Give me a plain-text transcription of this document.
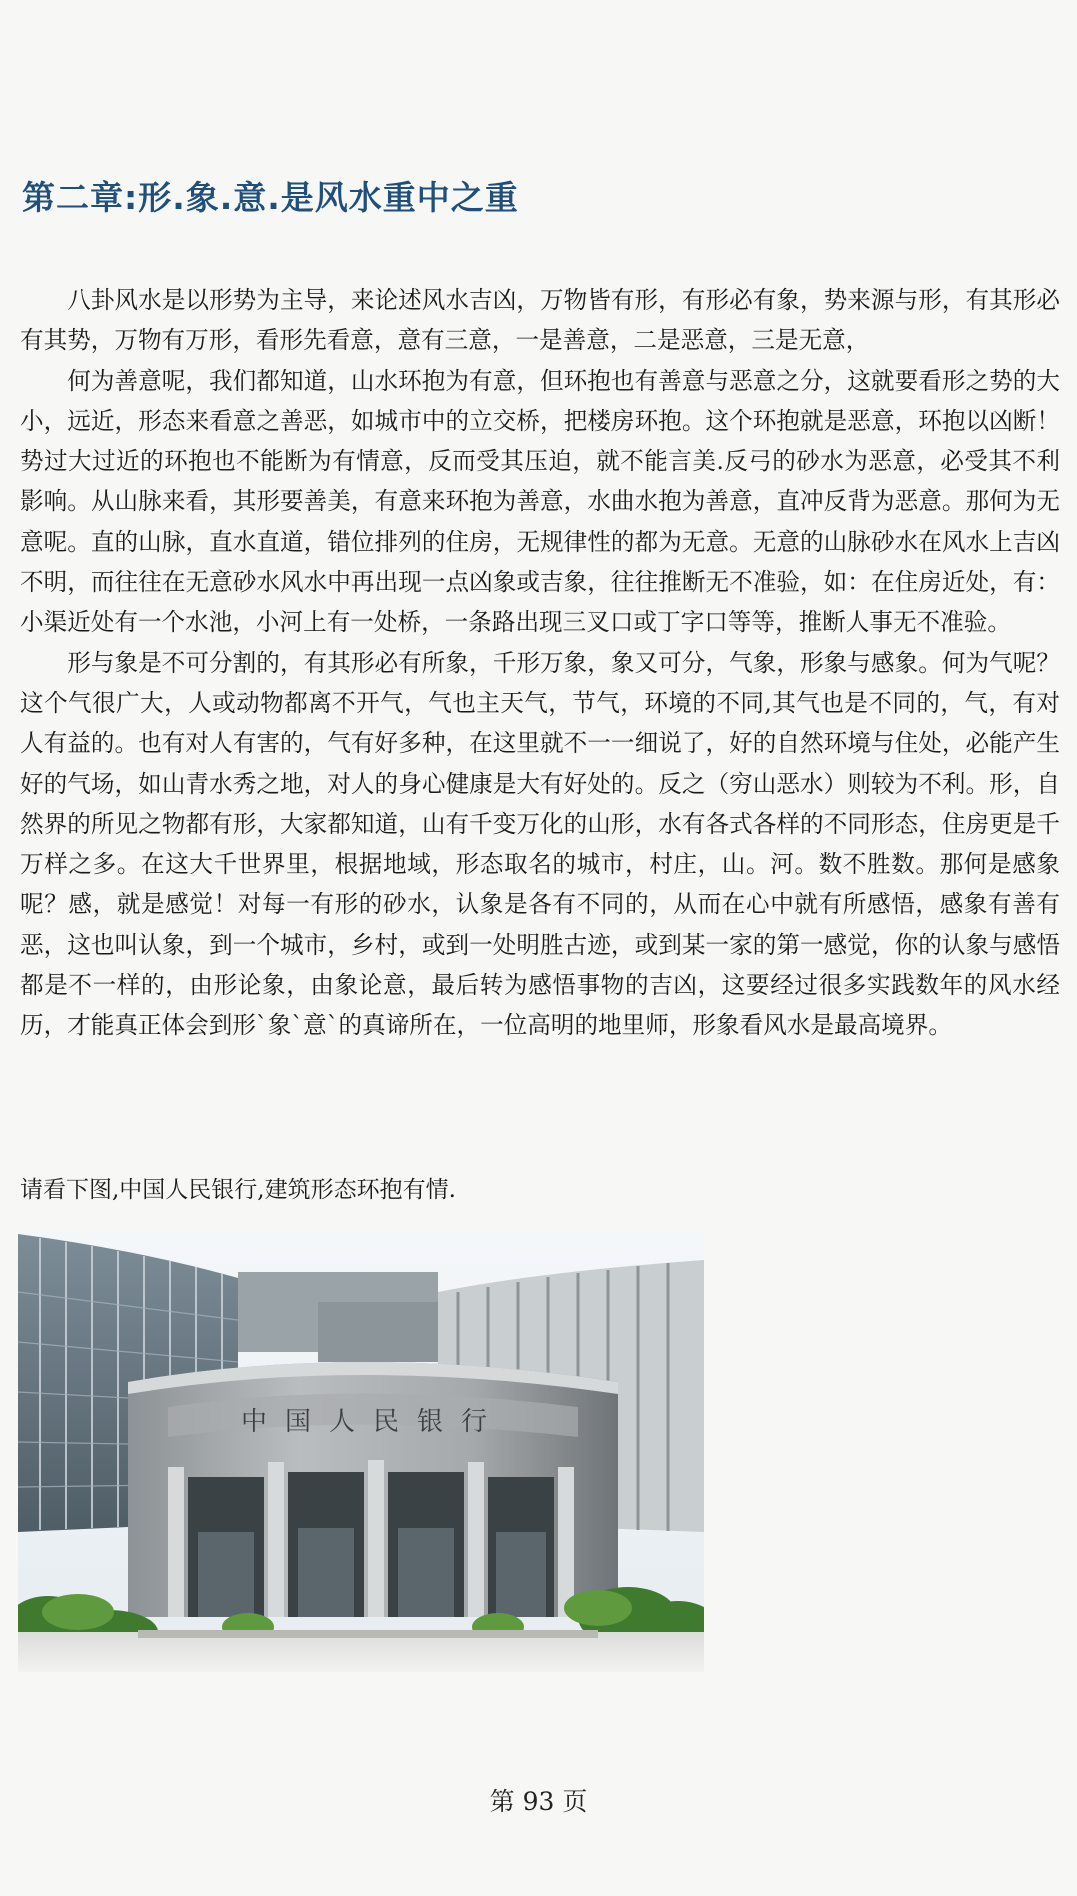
第二章:形.象.意.是风水重中之重

八卦风水是以形势为主导，来论述风水吉凶，万物皆有形，有形必有象，势来源与形，有其形必有其势，万物有万形，看形先看意，意有三意，一是善意，二是恶意，三是无意，

何为善意呢，我们都知道，山水环抱为有意，但环抱也有善意与恶意之分，这就要看形之势的大小，远近，形态来看意之善恶，如城市中的立交桥，把楼房环抱。这个环抱就是恶意，环抱以凶断！势过大过近的环抱也不能断为有情意，反而受其压迫，就不能言美.反弓的砂水为恶意，必受其不利影响。从山脉来看，其形要善美，有意来环抱为善意，水曲水抱为善意，直冲反背为恶意。那何为无意呢。直的山脉，直水直道，错位排列的住房，无规律性的都为无意。无意的山脉砂水在风水上吉凶不明，而往往在无意砂水风水中再出现一点凶象或吉象，往往推断无不准验，如：在住房近处，有：小渠近处有一个水池，小河上有一处桥，一条路出现三叉口或丁字口等等，推断人事无不准验。

形与象是不可分割的，有其形必有所象，千形万象，象又可分，气象，形象与感象。何为气呢？这个气很广大，人或动物都离不开气，气也主天气，节气，环境的不同,其气也是不同的，气，有对人有益的。也有对人有害的，气有好多种，在这里就不一一细说了，好的自然环境与住处，必能产生好的气场，如山青水秀之地，对人的身心健康是大有好处的。反之（穷山恶水）则较为不利。形，自然界的所见之物都有形，大家都知道，山有千变万化的山形，水有各式各样的不同形态，住房更是千万样之多。在这大千世界里，根据地域，形态取名的城市，村庄，山。河。数不胜数。那何是感象呢？感，就是感觉！对每一有形的砂水，认象是各有不同的，从而在心中就有所感悟，感象有善有恶，这也叫认象，到一个城市，乡村，或到一处明胜古迹，或到某一家的第一感觉，你的认象与感悟都是不一样的，由形论象，由象论意，最后转为感悟事物的吉凶，这要经过很多实践数年的风水经历，才能真正体会到形`象`意`的真谛所在，一位高明的地里师，形象看风水是最高境界。

请看下图,中国人民银行,建筑形态环抱有情.
中国人民银行
第 93 页
